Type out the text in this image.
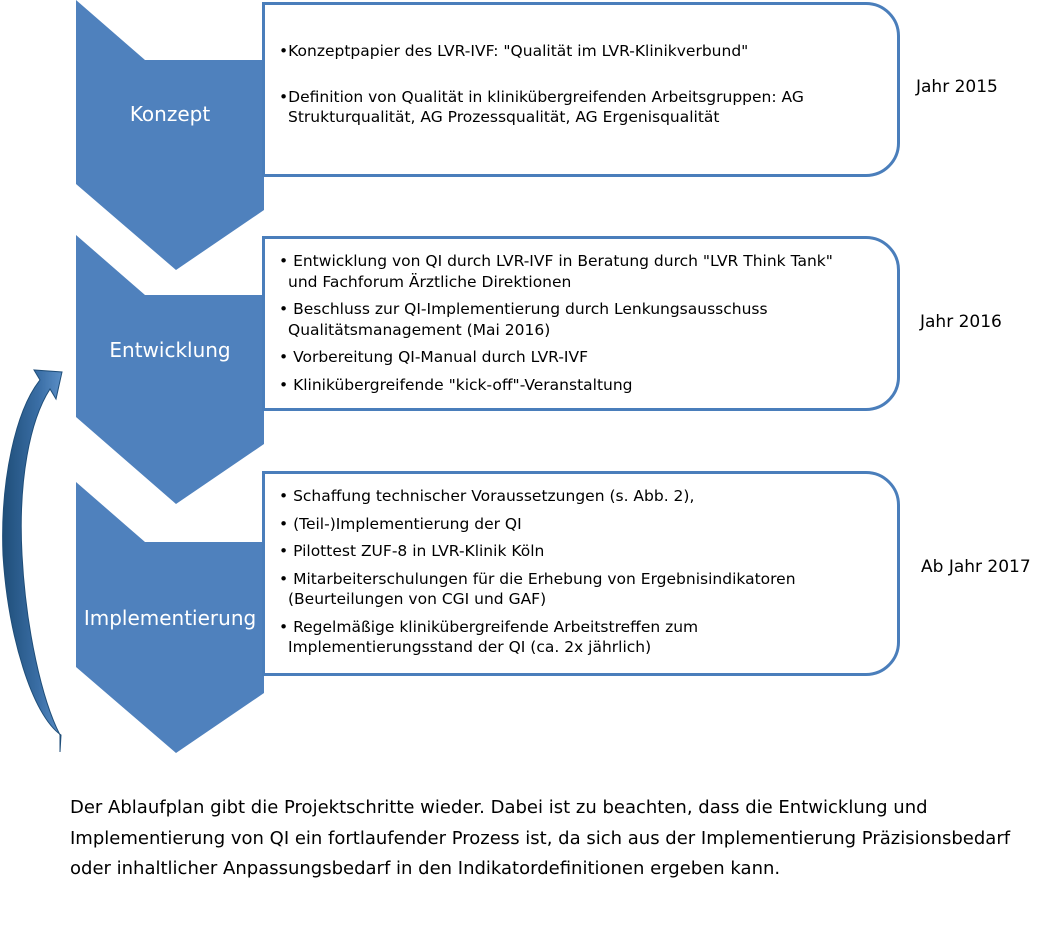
Konzept
Entwicklung
Implementierung
•Konzeptpapier des LVR-IVF: "Qualität im LVR-Klinikverbund"
•Definition von Qualität in klinikübergreifenden Arbeitsgruppen: AG Strukturqualität, AG Prozessqualität, AG Ergenisqualität
• Entwicklung von QI durch LVR-IVF in Beratung durch "LVR Think Tank" und Fachforum Ärztliche Direktionen
• Beschluss zur QI-Implementierung durch Lenkungsausschuss Qualitätsmanagement (Mai 2016)
• Vorbereitung QI-Manual durch LVR-IVF
• Klinikübergreifende "kick-off"-Veranstaltung
• Schaffung technischer Voraussetzungen (s. Abb. 2),
• (Teil-)Implementierung der QI
• Pilottest ZUF-8 in LVR-Klinik Köln
• Mitarbeiterschulungen für die Erhebung von Ergebnisindikatoren (Beurteilungen von CGI und GAF)
• Regelmäßige klinikübergreifende Arbeitstreffen zum Implementierungsstand der QI (ca. 2x jährlich)
Jahr 2015
Jahr 2016
Ab Jahr 2017

Der Ablaufplan gibt die Projektschritte wieder. Dabei ist zu beachten, dass die Entwicklung und Implementierung von QI ein fortlaufender Prozess ist, da sich aus der Implementierung Präzisionsbedarf oder inhaltlicher Anpassungsbedarf in den Indikatordefinitionen ergeben kann.
